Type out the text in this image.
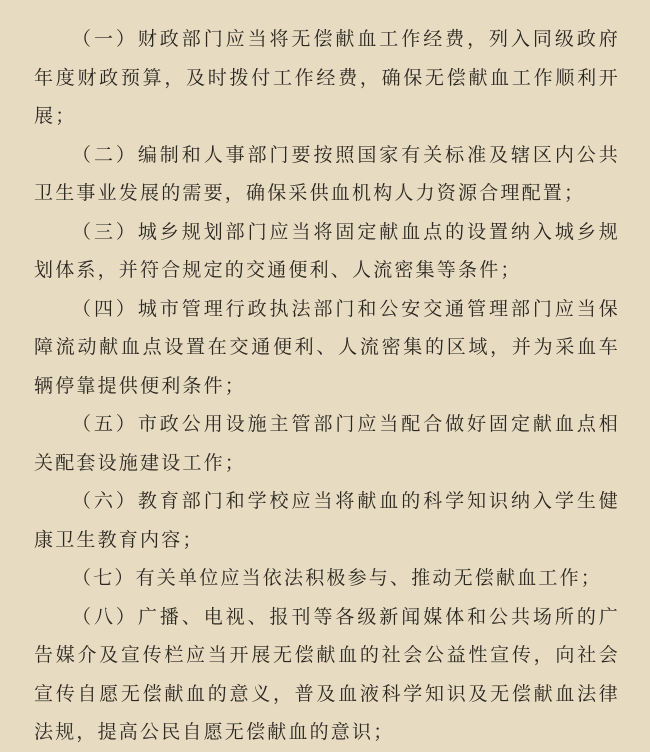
（一）财政部门应当将无偿献血工作经费，列入同级政府年度财政预算，及时拨付工作经费，确保无偿献血工作顺利开展；

（二）编制和人事部门要按照国家有关标准及辖区内公共卫生事业发展的需要，确保采供血机构人力资源合理配置；

（三）城乡规划部门应当将固定献血点的设置纳入城乡规划体系，并符合规定的交通便利、人流密集等条件；

（四）城市管理行政执法部门和公安交通管理部门应当保障流动献血点设置在交通便利、人流密集的区域，并为采血车辆停靠提供便利条件；

（五）市政公用设施主管部门应当配合做好固定献血点相关配套设施建设工作；

（六）教育部门和学校应当将献血的科学知识纳入学生健康卫生教育内容；

（七）有关单位应当依法积极参与、推动无偿献血工作；

（八）广播、电视、报刊等各级新闻媒体和公共场所的广告媒介及宣传栏应当开展无偿献血的社会公益性宣传，向社会宣传自愿无偿献血的意义，普及血液科学知识及无偿献血法律法规，提高公民自愿无偿献血的意识；
